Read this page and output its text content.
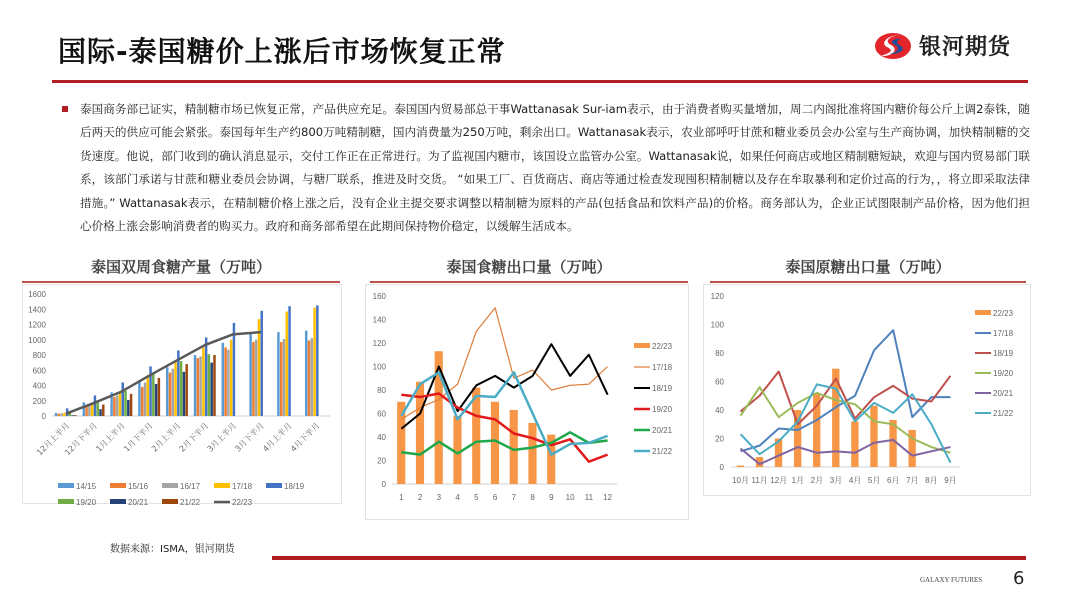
国际-泰国糖价上涨后市场恢复正常	银河期货
泰国商务部已证实，精制糖市场已恢复正常，产品供应充足。泰国国内贸易部总干事Wattanasak Sur-iam表示，由于消费者购买量增加，周二内阁批准将国内糖价每公斤上调2泰铢，随后两天的供应可能会紧张。泰国每年生产约800万吨精制糖，国内消费量为250万吨，剩余出口。Wattanasak表示，农业部呼吁甘蔗和糖业委员会办公室与生产商协调，加快精制糖的交货速度。他说，部门收到的确认消息显示，交付工作正在正常进行。为了监视国内糖市，该国设立监管办公室。Wattanasak说，如果任何商店或地区精制糖短缺，欢迎与国内贸易部门联系，该部门承诺与甘蔗和糖业委员会协调，与糖厂联系，推进及时交货。 “如果工厂、百货商店、商店等通过检查发现囤积精制糖以及存在牟取暴利和定价过高的行为，，将立即采取法律措施。” Wattanasak表示，在精制糖价格上涨之后，没有企业主提交要求调整以精制糖为原料的产品(包括食品和饮料产品)的价格。商务部认为，企业正试图限制产品价格，因为他们担心价格上涨会影响消费者的购买力。政府和商务部希望在此期间保持物价稳定，以缓解生活成本。
泰国双周食糖产量（万吨）	泰国食糖出口量（万吨）	泰国原糖出口量（万吨）
0
200
400
600
800
1000
1200
1400
1600
12月上半月
12月下半月
1月上半月
1月下半月
2月上半月
2月下半月
3月上半月
3月下半月
4月上半月
4月下半月
14/15	15/16	16/17	17/18	18/19
19/20	20/21	21/22	22/23
0
20
40
60
80
100
120
140
160
1 2 3 4 5 6 7 8 9 10 11 12
22/23
17/18
18/19
19/20
20/21
21/22
0
20
40
60
80
100
120
10月 11月 12月 1月 2月 3月 4月 5月 6月 7月 8月 9月
22/23
17/18
18/19
19/20
20/21
21/22
数据来源：ISMA，银河期货
GALAXY FUTURES 6
